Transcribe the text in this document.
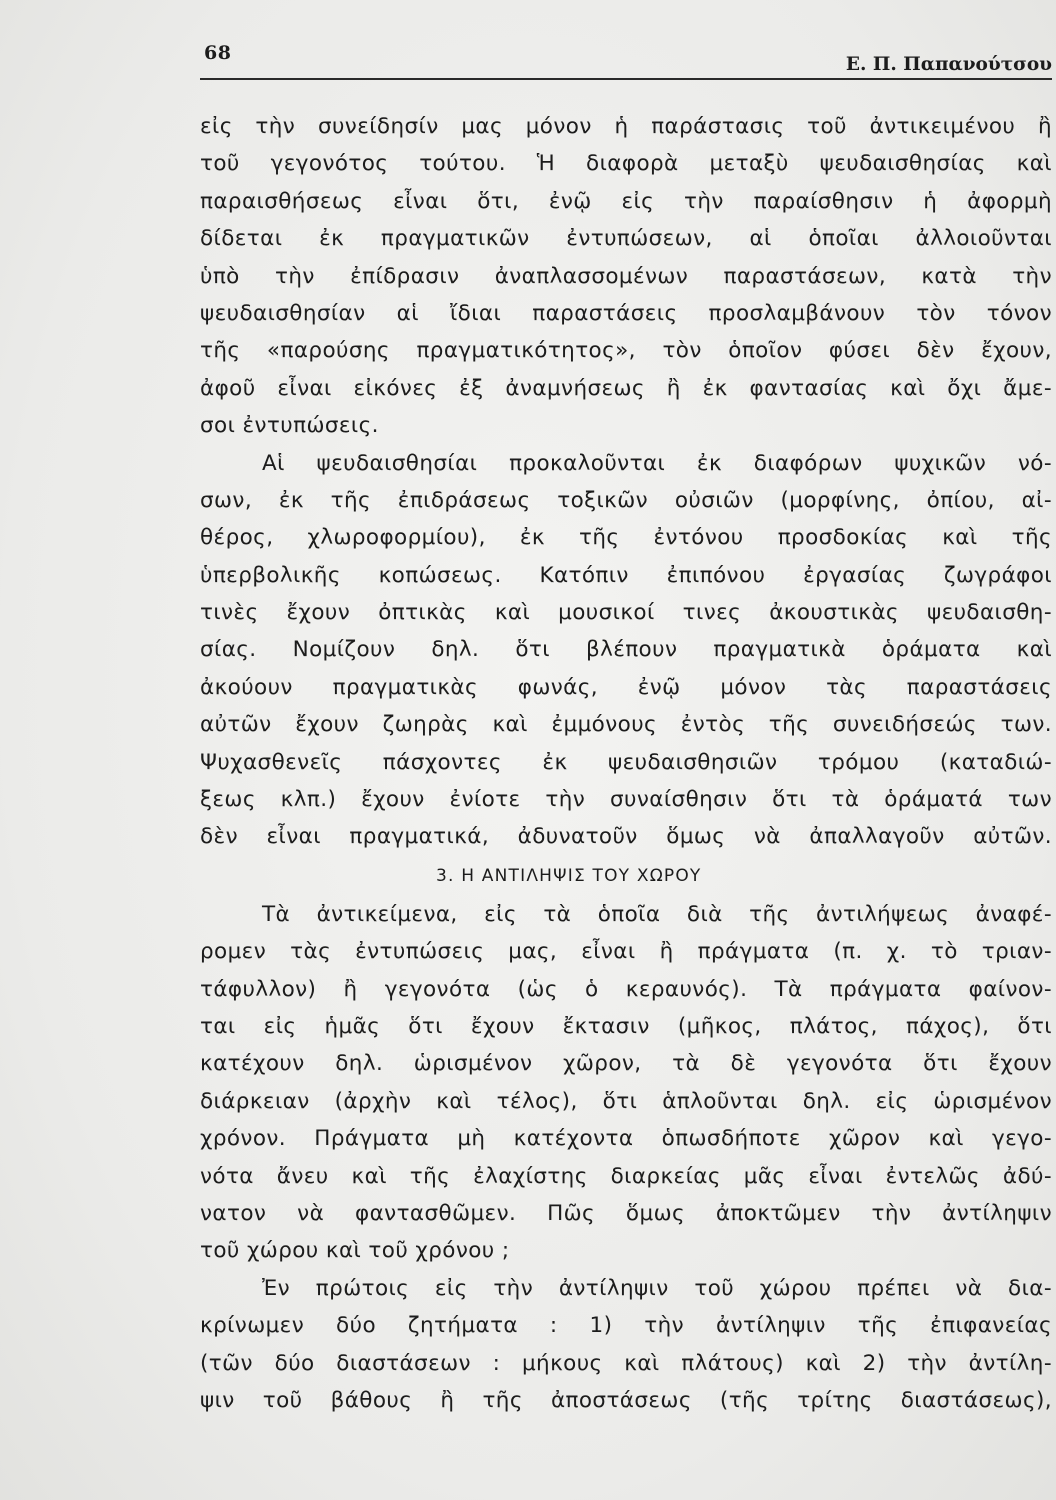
68
Ε. Π. Παπανούτσου
εἰς τὴν συνείδησίν μας μόνον ἡ παράστασις τοῦ ἀντικειμένου ἢ
τοῦ γεγονότος τούτου. Ἡ διαφορὰ μεταξὺ ψευδαισθησίας καὶ
παραισθήσεως εἶναι ὅτι, ἐνῷ εἰς τὴν παραίσθησιν ἡ ἀφορμὴ
δίδεται ἐκ πραγματικῶν ἐντυπώσεων, αἱ ὁποῖαι ἀλλοιοῦνται
ὑπὸ τὴν ἐπίδρασιν ἀναπλασσομένων παραστάσεων, κατὰ τὴν
ψευδαισθησίαν αἱ ἴδιαι παραστάσεις προσλαμβάνουν τὸν τόνον
τῆς «παρούσης πραγματικότητος», τὸν ὁποῖον φύσει δὲν ἔχουν,
ἀφοῦ εἶναι εἰκόνες ἐξ ἀναμνήσεως ἢ ἐκ φαντασίας καὶ ὄχι ἄμε-
σοι ἐντυπώσεις.
Αἱ ψευδαισθησίαι προκαλοῦνται ἐκ διαφόρων ψυχικῶν νό-
σων, ἐκ τῆς ἐπιδράσεως τοξικῶν οὐσιῶν (μορφίνης, ὀπίου, αἰ-
θέρος, χλωροφορμίου), ἐκ τῆς ἐντόνου προσδοκίας καὶ τῆς
ὑπερβολικῆς κοπώσεως. Κατόπιν ἐπιπόνου ἐργασίας ζωγράφοι
τινὲς ἔχουν ὀπτικὰς καὶ μουσικοί τινες ἀκουστικὰς ψευδαισθη-
σίας. Νομίζουν δηλ. ὅτι βλέπουν πραγματικὰ ὁράματα καὶ
ἀκούουν πραγματικὰς φωνάς, ἐνῷ μόνον τὰς παραστάσεις
αὐτῶν ἔχουν ζωηρὰς καὶ ἐμμόνους ἐντὸς τῆς συνειδήσεώς των.
Ψυχασθενεῖς πάσχοντες ἐκ ψευδαισθησιῶν τρόμου (καταδιώ-
ξεως κλπ.) ἔχουν ἐνίοτε τὴν συναίσθησιν ὅτι τὰ ὁράματά των
δὲν εἶναι πραγματικά, ἀδυνατοῦν ὅμως νὰ ἀπαλλαγοῦν αὐτῶν.
3. Η ΑΝΤΙΛΗΨΙΣ ΤΟΥ ΧΩΡΟΥ
Τὰ ἀντικείμενα, εἰς τὰ ὁποῖα διὰ τῆς ἀντιλήψεως ἀναφέ-
ρομεν τὰς ἐντυπώσεις μας, εἶναι ἢ πράγματα (π. χ. τὸ τριαν-
τάφυλλον) ἢ γεγονότα (ὡς ὁ κεραυνός). Τὰ πράγματα φαίνον-
ται εἰς ἡμᾶς ὅτι ἔχουν ἔκτασιν (μῆκος, πλάτος, πάχος), ὅτι
κατέχουν δηλ. ὡρισμένον χῶρον, τὰ δὲ γεγονότα ὅτι ἔχουν
διάρκειαν (ἀρχὴν καὶ τέλος), ὅτι ἁπλοῦνται δηλ. εἰς ὡρισμένον
χρόνον. Πράγματα μὴ κατέχοντα ὁπωσδήποτε χῶρον καὶ γεγο-
νότα ἄνευ καὶ τῆς ἐλαχίστης διαρκείας μᾶς εἶναι ἐντελῶς ἀδύ-
νατον νὰ φαντασθῶμεν. Πῶς ὅμως ἀποκτῶμεν τὴν ἀντίληψιν
τοῦ χώρου καὶ τοῦ χρόνου ;
Ἐν πρώτοις εἰς τὴν ἀντίληψιν τοῦ χώρου πρέπει νὰ δια-
κρίνωμεν δύο ζητήματα : 1) τὴν ἀντίληψιν τῆς ἐπιφανείας
(τῶν δύο διαστάσεων : μήκους καὶ πλάτους) καὶ 2) τὴν ἀντίλη-
ψιν τοῦ βάθους ἢ τῆς ἀποστάσεως (τῆς τρίτης διαστάσεως),
